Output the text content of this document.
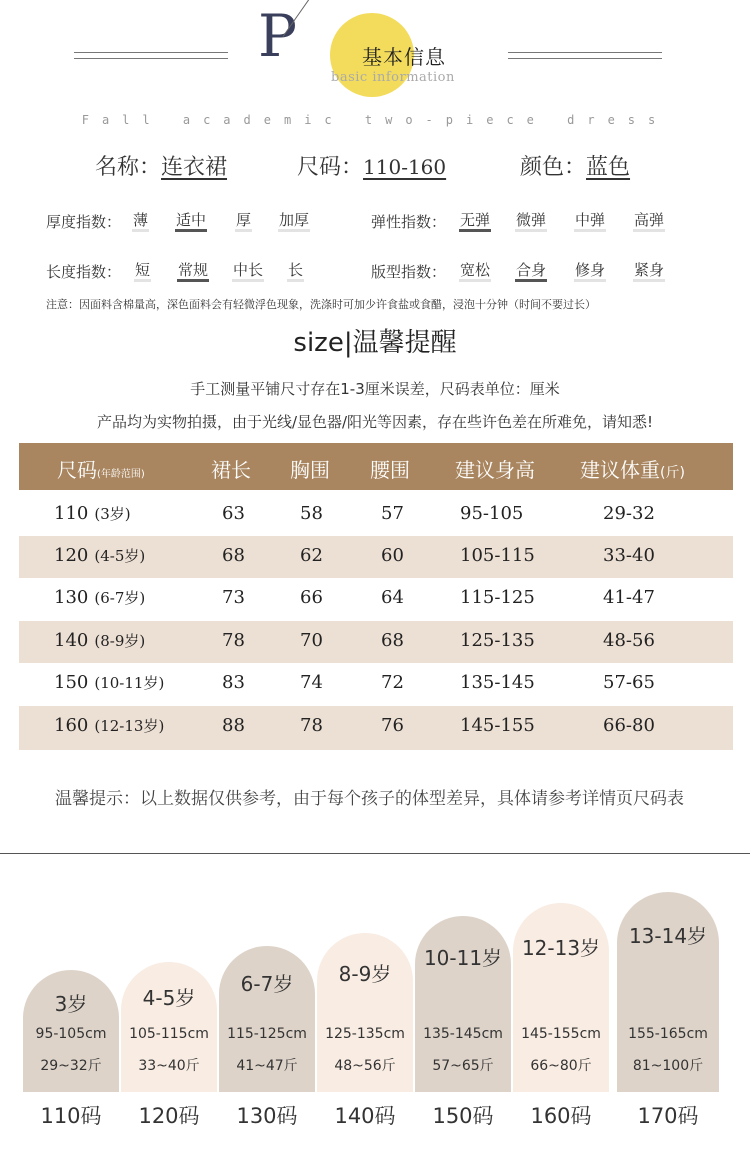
P	基本信息
basic information
Fall academic two-piece dress
名称：连衣裙	尺码：110-160	颜色：蓝色
厚度指数： 薄 适中 厚 加厚	弹性指数： 无弹 微弹 中弹 高弹
长度指数： 短 常规 中长 长	版型指数： 宽松 合身 修身 紧身
注意：因面料含棉量高，深色面料会有轻微浮色现象，洗涤时可加少许食盐或食醋，浸泡十分钟（时间不要过长）
size|温馨提醒
手工测量平铺尺寸存在1-3厘米误差，尺码表单位：厘米
产品均为实物拍摄，由于光线/显色器/阳光等因素，存在些许色差在所难免，请知悉!
尺码(年龄范围)	裙长 胸围 腰围 建议身高 建议体重(斤)
110 (3岁)	63	58	57	95-105	29-32
120 (4-5岁)	68	62	60	105-115	33-40
130 (6-7岁)	73	66	64	115-125	41-47
140 (8-9岁)	78	70	68	125-135	48-56
150 (10-11岁)	83	74	72	135-145	57-65
160 (12-13岁)	88	78	76	145-155	66-80
温馨提示：以上数据仅供参考，由于每个孩子的体型差异，具体请参考详情页尺码表
3岁
95-105cm
29~32斤
110码
4-5岁
105-115cm
33~40斤
120码
6-7岁
115-125cm
41~47斤
130码
8-9岁
125-135cm
48~56斤
140码
10-11岁
135-145cm
57~65斤
150码
12-13岁
145-155cm
66~80斤
160码
13-14岁
155-165cm
81~100斤
170码
